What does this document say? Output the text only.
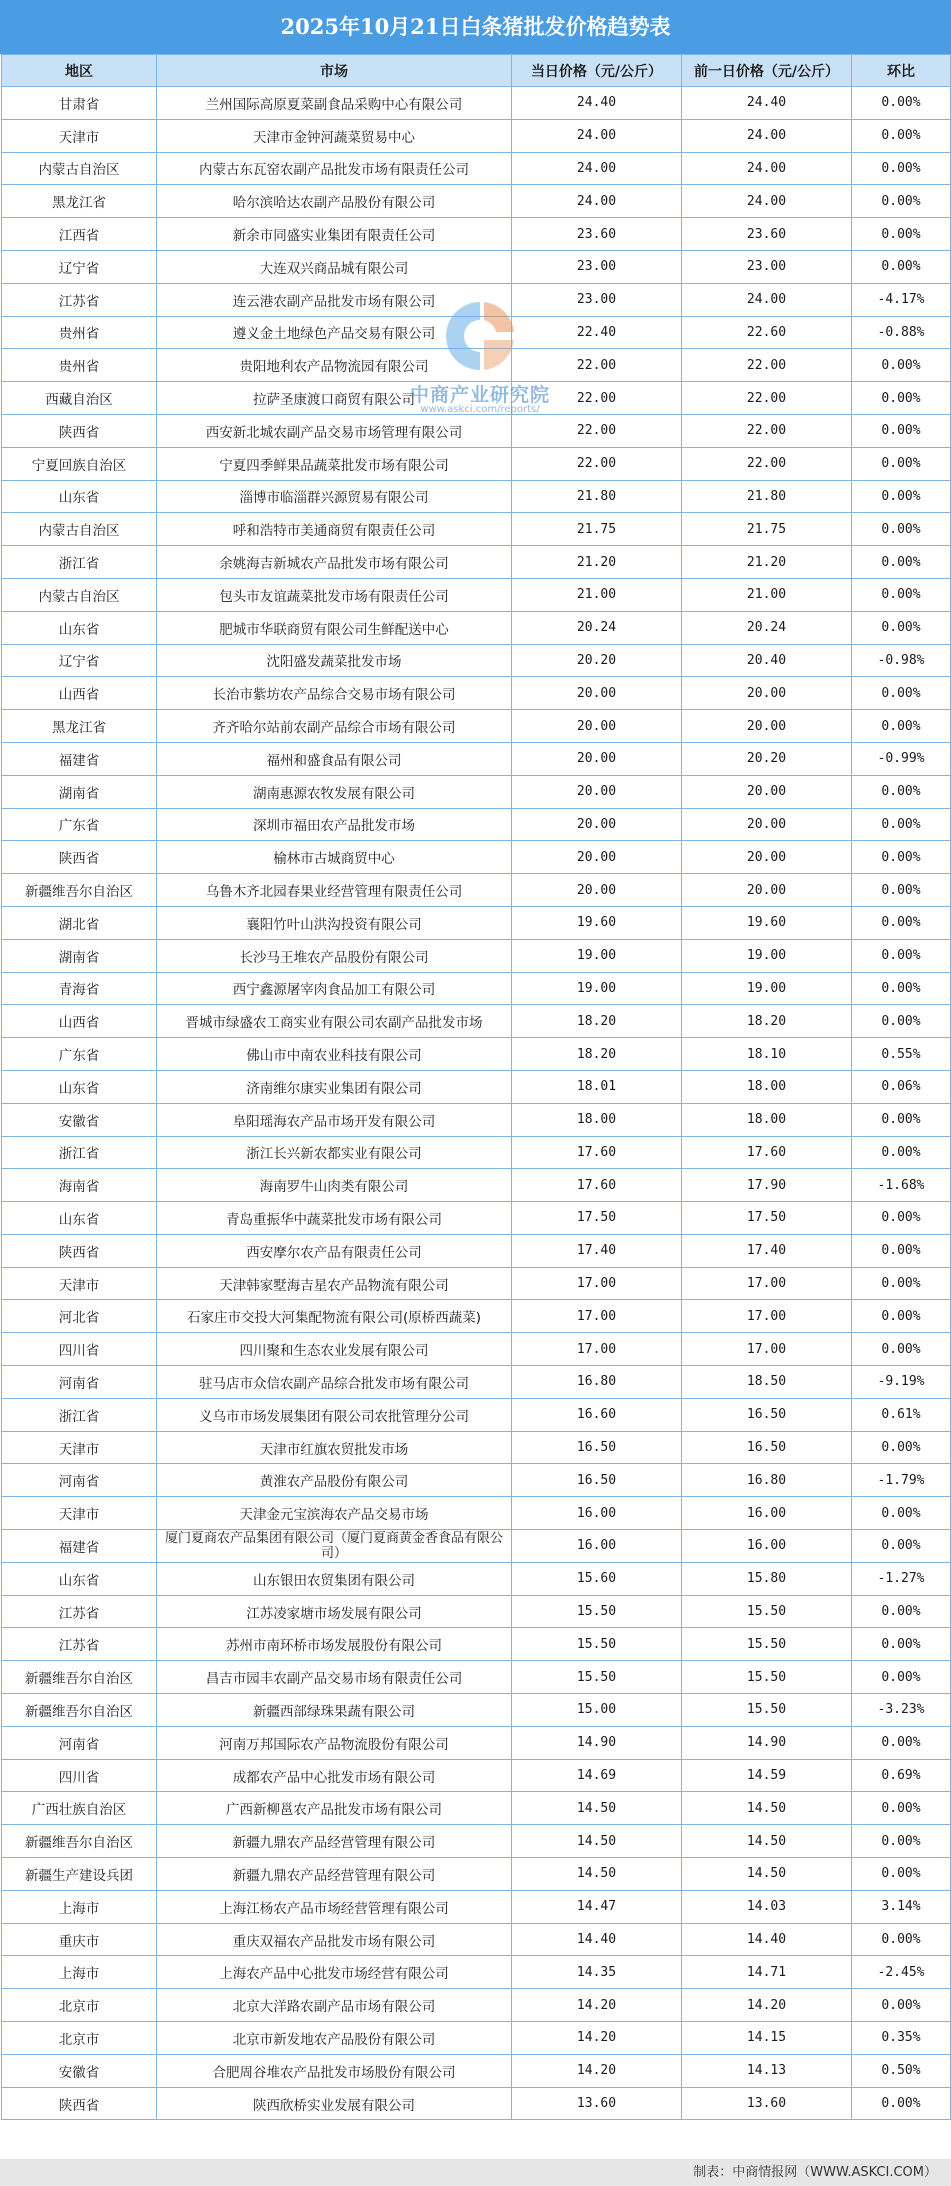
2025年10月21日白条猪批发价格趋势表
地区	市场	当日价格（元/公斤）	前一日价格（元/公斤）	环比
甘肃省	兰州国际高原夏菜副食品采购中心有限公司	24.40	24.40	0.00%
天津市	天津市金钟河蔬菜贸易中心	24.00	24.00	0.00%
内蒙古自治区	内蒙古东瓦窑农副产品批发市场有限责任公司	24.00	24.00	0.00%
黑龙江省	哈尔滨哈达农副产品股份有限公司	24.00	24.00	0.00%
江西省	新余市同盛实业集团有限责任公司	23.60	23.60	0.00%
辽宁省	大连双兴商品城有限公司	23.00	23.00	0.00%
江苏省	连云港农副产品批发市场有限公司	23.00	24.00	-4.17%
贵州省	遵义金土地绿色产品交易有限公司	22.40	22.60	-0.88%
贵州省	贵阳地利农产品物流园有限公司	22.00	22.00	0.00%
西藏自治区	拉萨圣康渡口商贸有限公司	22.00	22.00	0.00%
陕西省	西安新北城农副产品交易市场管理有限公司	22.00	22.00	0.00%
宁夏回族自治区	宁夏四季鲜果品蔬菜批发市场有限公司	22.00	22.00	0.00%
山东省	淄博市临淄群兴源贸易有限公司	21.80	21.80	0.00%
内蒙古自治区	呼和浩特市美通商贸有限责任公司	21.75	21.75	0.00%
浙江省	余姚海吉新城农产品批发市场有限公司	21.20	21.20	0.00%
内蒙古自治区	包头市友谊蔬菜批发市场有限责任公司	21.00	21.00	0.00%
山东省	肥城市华联商贸有限公司生鲜配送中心	20.24	20.24	0.00%
辽宁省	沈阳盛发蔬菜批发市场	20.20	20.40	-0.98%
山西省	长治市紫坊农产品综合交易市场有限公司	20.00	20.00	0.00%
黑龙江省	齐齐哈尔站前农副产品综合市场有限公司	20.00	20.00	0.00%
福建省	福州和盛食品有限公司	20.00	20.20	-0.99%
湖南省	湖南惠源农牧发展有限公司	20.00	20.00	0.00%
广东省	深圳市福田农产品批发市场	20.00	20.00	0.00%
陕西省	榆林市古城商贸中心	20.00	20.00	0.00%
新疆维吾尔自治区	乌鲁木齐北园春果业经营管理有限责任公司	20.00	20.00	0.00%
湖北省	襄阳竹叶山洪沟投资有限公司	19.60	19.60	0.00%
湖南省	长沙马王堆农产品股份有限公司	19.00	19.00	0.00%
青海省	西宁鑫源屠宰肉食品加工有限公司	19.00	19.00	0.00%
山西省	晋城市绿盛农工商实业有限公司农副产品批发市场	18.20	18.20	0.00%
广东省	佛山市中南农业科技有限公司	18.20	18.10	0.55%
山东省	济南维尔康实业集团有限公司	18.01	18.00	0.06%
安徽省	阜阳瑶海农产品市场开发有限公司	18.00	18.00	0.00%
浙江省	浙江长兴新农都实业有限公司	17.60	17.60	0.00%
海南省	海南罗牛山肉类有限公司	17.60	17.90	-1.68%
山东省	青岛重振华中蔬菜批发市场有限公司	17.50	17.50	0.00%
陕西省	西安摩尔农产品有限责任公司	17.40	17.40	0.00%
天津市	天津韩家墅海吉星农产品物流有限公司	17.00	17.00	0.00%
河北省	石家庄市交投大河集配物流有限公司(原桥西蔬菜)	17.00	17.00	0.00%
四川省	四川聚和生态农业发展有限公司	17.00	17.00	0.00%
河南省	驻马店市众信农副产品综合批发市场有限公司	16.80	18.50	-9.19%
浙江省	义乌市市场发展集团有限公司农批管理分公司	16.60	16.50	0.61%
天津市	天津市红旗农贸批发市场	16.50	16.50	0.00%
河南省	黄淮农产品股份有限公司	16.50	16.80	-1.79%
天津市	天津金元宝滨海农产品交易市场	16.00	16.00	0.00%
福建省	厦门夏商农产品集团有限公司（厦门夏商黄金香食品有限公司）	16.00	16.00	0.00%
山东省	山东银田农贸集团有限公司	15.60	15.80	-1.27%
江苏省	江苏凌家塘市场发展有限公司	15.50	15.50	0.00%
江苏省	苏州市南环桥市场发展股份有限公司	15.50	15.50	0.00%
新疆维吾尔自治区	昌吉市园丰农副产品交易市场有限责任公司	15.50	15.50	0.00%
新疆维吾尔自治区	新疆西部绿珠果蔬有限公司	15.00	15.50	-3.23%
河南省	河南万邦国际农产品物流股份有限公司	14.90	14.90	0.00%
四川省	成都农产品中心批发市场有限公司	14.69	14.59	0.69%
广西壮族自治区	广西新柳邕农产品批发市场有限公司	14.50	14.50	0.00%
新疆维吾尔自治区	新疆九鼎农产品经营管理有限公司	14.50	14.50	0.00%
新疆生产建设兵团	新疆九鼎农产品经营管理有限公司	14.50	14.50	0.00%
上海市	上海江杨农产品市场经营管理有限公司	14.47	14.03	3.14%
重庆市	重庆双福农产品批发市场有限公司	14.40	14.40	0.00%
上海市	上海农产品中心批发市场经营有限公司	14.35	14.71	-2.45%
北京市	北京大洋路农副产品市场有限公司	14.20	14.20	0.00%
北京市	北京市新发地农产品股份有限公司	14.20	14.15	0.35%
安徽省	合肥周谷堆农产品批发市场股份有限公司	14.20	14.13	0.50%
陕西省	陕西欣桥实业发展有限公司	13.60	13.60	0.00%
中商产业研究院
www.askci.com/reports/
制表：中商情报网（WWW.ASKCI.COM）
